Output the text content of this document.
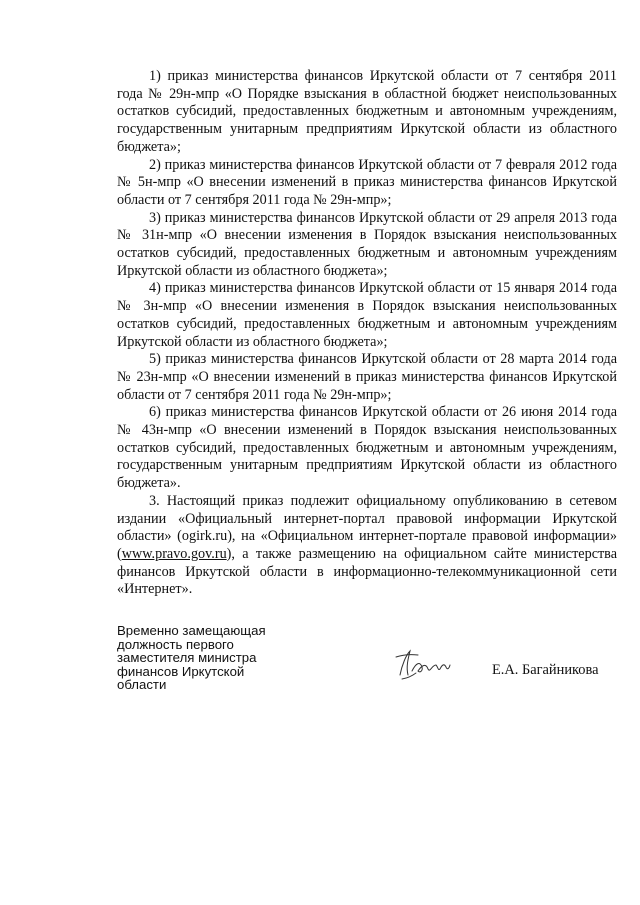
1) приказ министерства финансов Иркутской области от 7 сентября 2011 года № 29н-мпр «О Порядке взыскания в областной бюджет неиспользованных остатков субсидий, предоставленных бюджетным и автономным учреждениям, государственным унитарным предприятиям Иркутской области из областного бюджета»;

2) приказ министерства финансов Иркутской области от 7 февраля 2012 года № 5н-мпр «О внесении изменений в приказ министерства финансов Иркутской области от 7 сентября 2011 года № 29н-мпр»;

3) приказ министерства финансов Иркутской области от 29 апреля 2013 года № 31н-мпр «О внесении изменения в Порядок взыскания неиспользованных остатков субсидий, предоставленных бюджетным и автономным учреждениям Иркутской области из областного бюджета»;

4) приказ министерства финансов Иркутской области от 15 января 2014 года № 3н-мпр «О внесении изменения в Порядок взыскания неиспользованных остатков субсидий, предоставленных бюджетным и автономным учреждениям Иркутской области из областного бюджета»;

5) приказ министерства финансов Иркутской области от 28 марта 2014 года № 23н-мпр «О внесении изменений в приказ министерства финансов Иркутской области от 7 сентября 2011 года № 29н-мпр»;

6) приказ министерства финансов Иркутской области от 26 июня 2014 года № 43н-мпр «О внесении изменений в Порядок взыскания неиспользованных остатков субсидий, предоставленных бюджетным и автономным учреждениям, государственным унитарным предприятиям Иркутской области из областного бюджета».

3. Настоящий приказ подлежит официальному опубликованию в сетевом издании «Официальный интернет-портал правовой информации Иркутской области» (ogirk.ru), на «Официальном интернет-портале правовой информации» (www.pravo.gov.ru), а также размещению на официальном сайте министерства финансов Иркутской области в информационно-телекоммуникационной сети «Интернет».

Временно замещающая
должность первого
заместителя министра
финансов Иркутской области
Е.А. Багайникова
